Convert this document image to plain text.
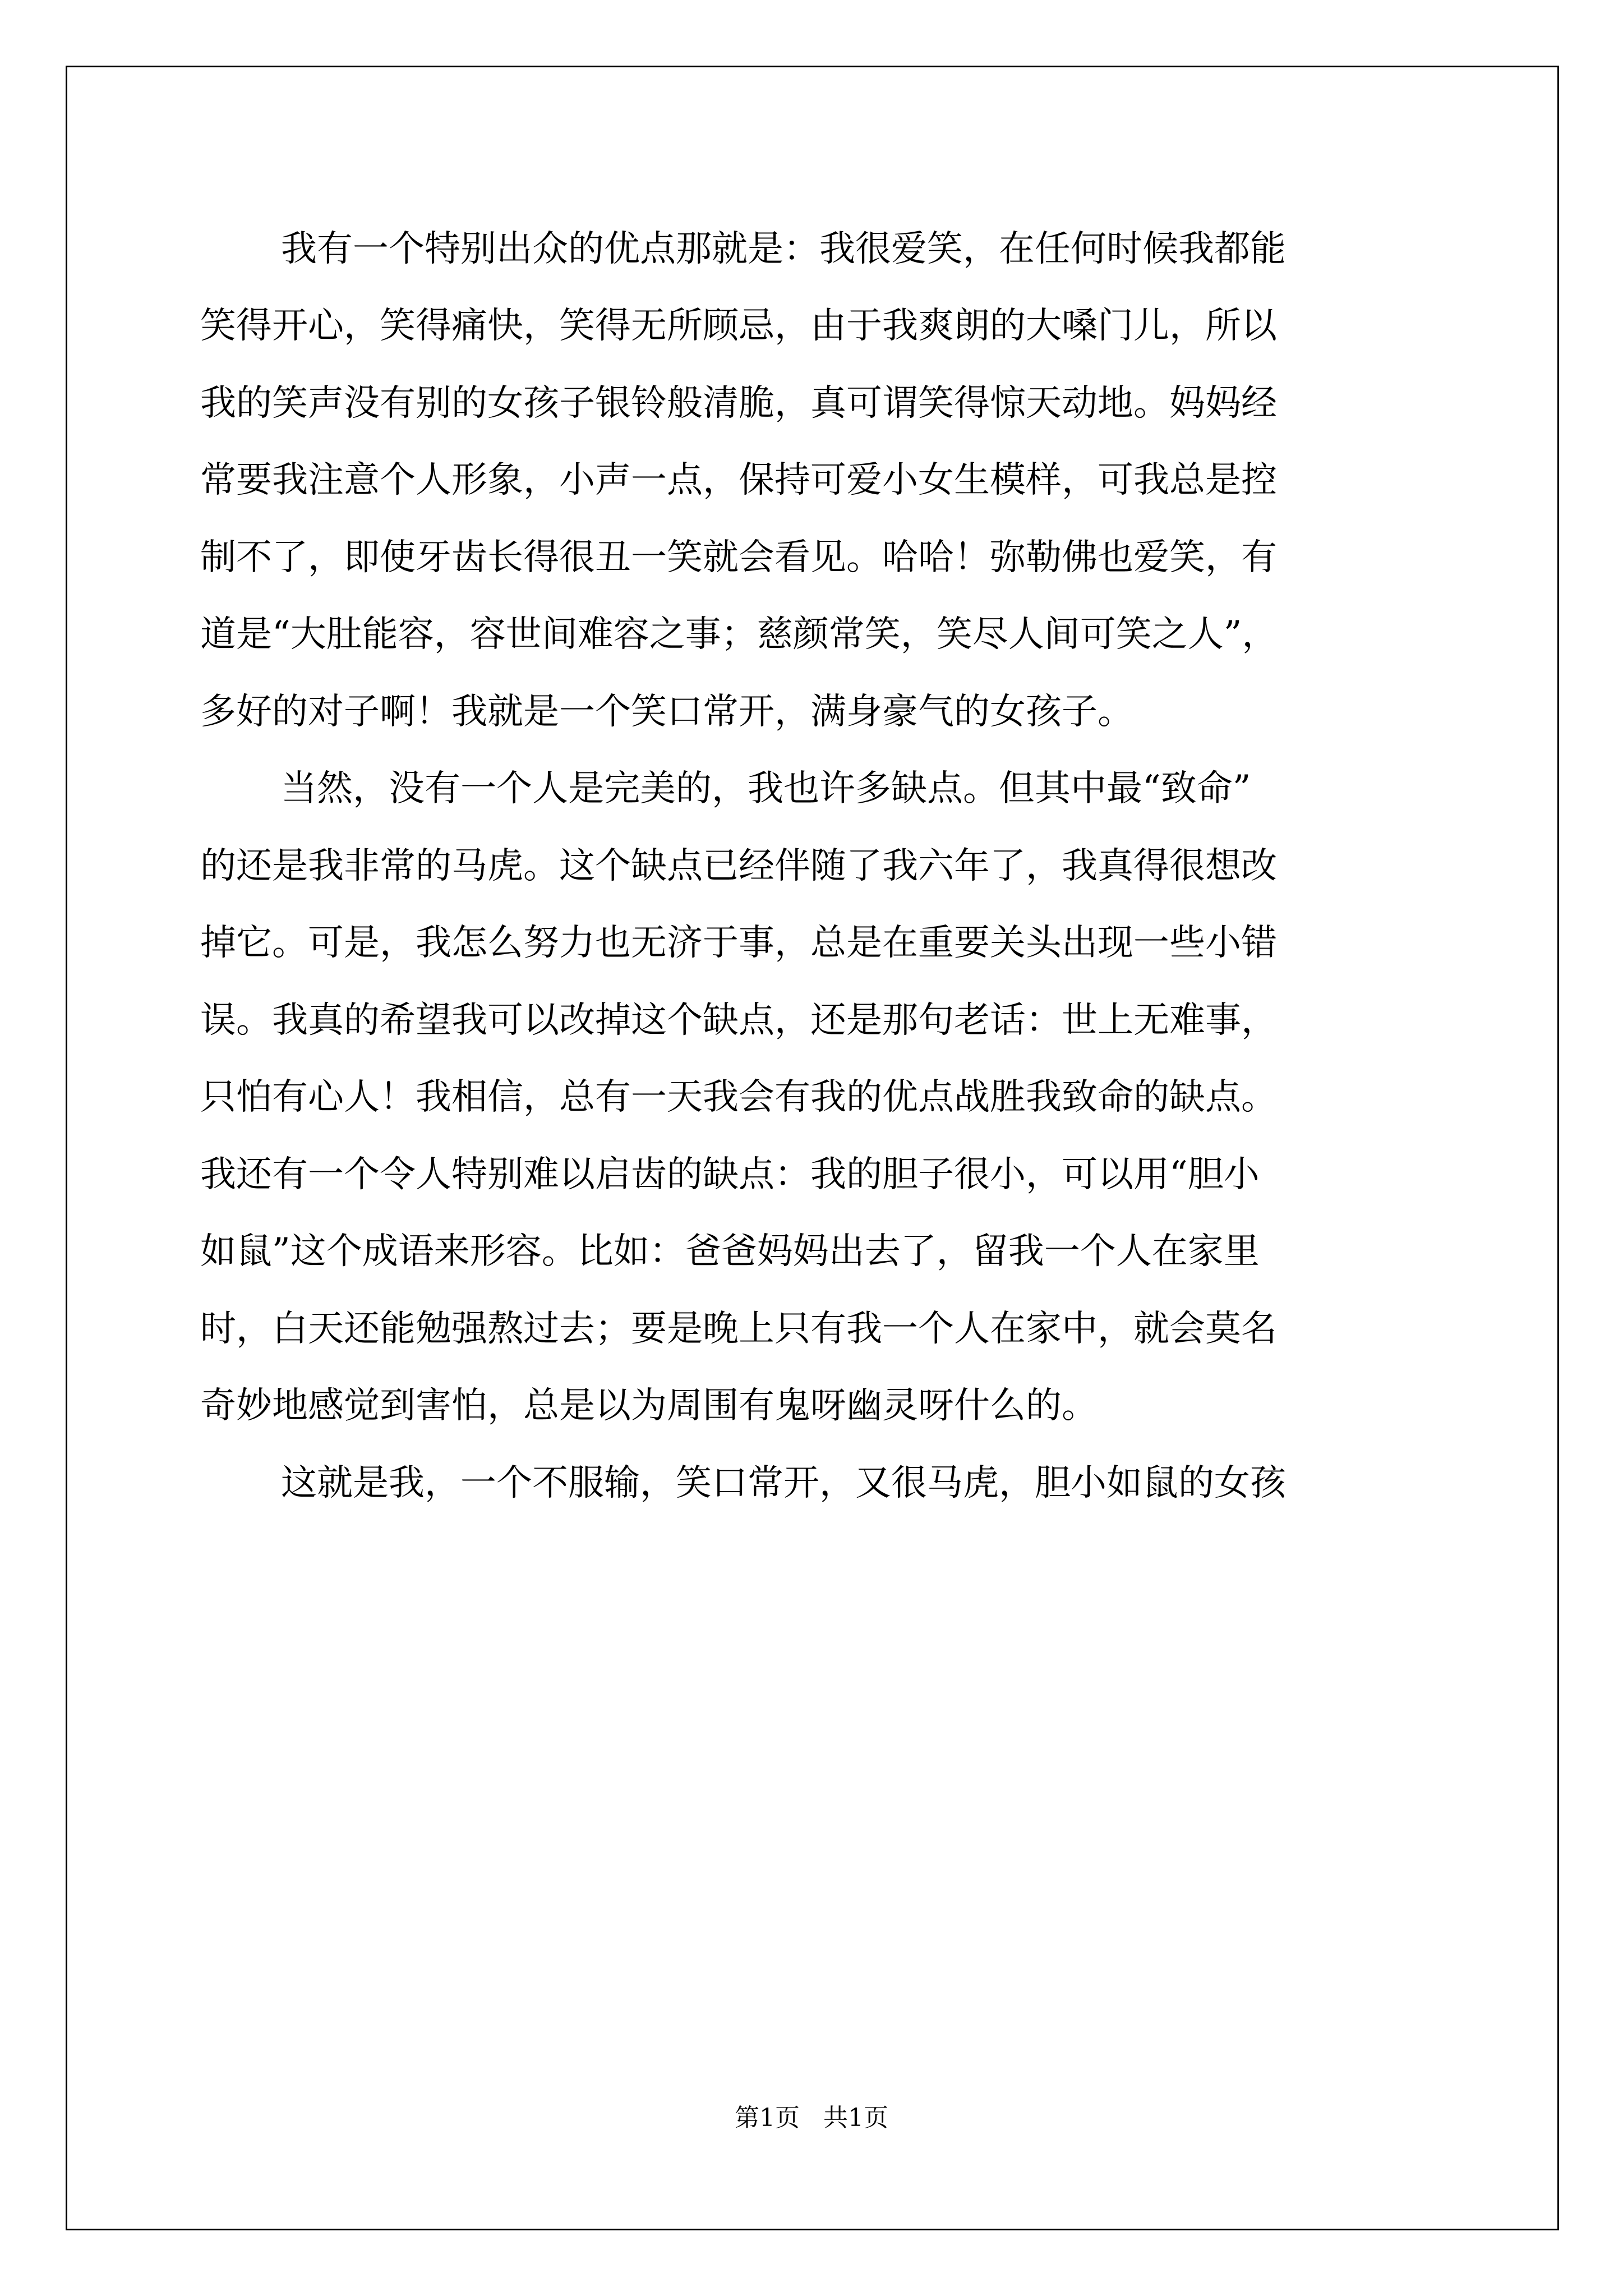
我有一个特别出众的优点那就是：我很爱笑，在任何时候我都能

笑得开心，笑得痛快，笑得无所顾忌，由于我爽朗的大嗓门儿，所以

我的笑声没有别的女孩子银铃般清脆，真可谓笑得惊天动地。妈妈经

常要我注意个人形象，小声一点，保持可爱小女生模样，可我总是控

制不了，即使牙齿长得很丑一笑就会看见。哈哈！弥勒佛也爱笑，有

道是“大肚能容，容世间难容之事；慈颜常笑，笑尽人间可笑之人”，

多好的对子啊！我就是一个笑口常开，满身豪气的女孩子。

当然，没有一个人是完美的，我也许多缺点。但其中最“致命”

的还是我非常的马虎。这个缺点已经伴随了我六年了，我真得很想改

掉它。可是，我怎么努力也无济于事，总是在重要关头出现一些小错

误。我真的希望我可以改掉这个缺点，还是那句老话：世上无难事，

只怕有心人！我相信，总有一天我会有我的优点战胜我致命的缺点。

我还有一个令人特别难以启齿的缺点：我的胆子很小，可以用“胆小

如鼠”这个成语来形容。比如：爸爸妈妈出去了，留我一个人在家里

时，白天还能勉强熬过去；要是晚上只有我一个人在家中，就会莫名

奇妙地感觉到害怕，总是以为周围有鬼呀幽灵呀什么的。

这就是我，一个不服输，笑口常开，又很马虎，胆小如鼠的女孩

第1页   共1页
